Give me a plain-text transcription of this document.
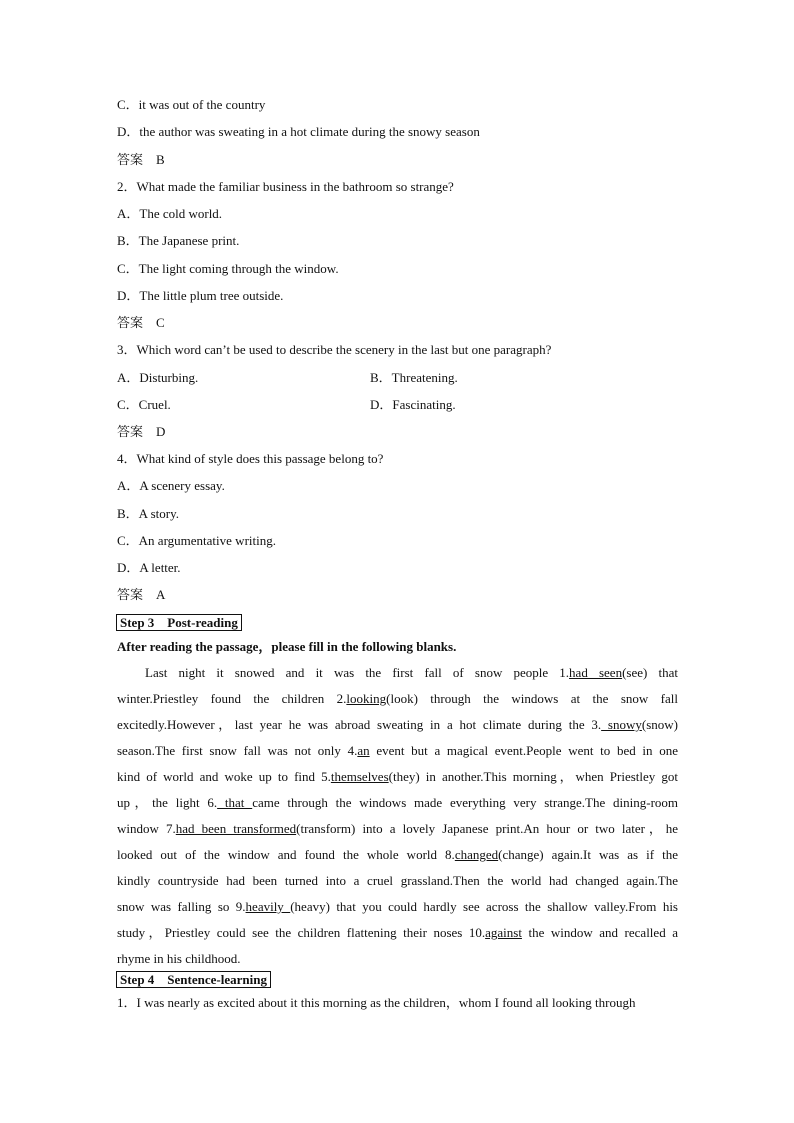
C．it was out of the country
D．the author was sweating in a hot climate during the snowy season
答案　B
2．What made the familiar business in the bathroom so strange?
A．The cold world.
B．The Japanese print.
C．The light coming through the window.
D．The little plum tree outside.
答案　C
3．Which word can’t be used to describe the scenery in the last but one paragraph?
A．Disturbing.	B．Threatening.
C．Cruel.	D．Fascinating.
答案　D
4．What kind of style does this passage belong to?
A．A scenery essay.
B．A story.
C．An argumentative writing.
D．A letter.
答案　A
Step 3　Post-reading
After reading the passage，please fill in the following blanks.
Last night it snowed and it was the first fall of snow people 1.had seen(see) that
winter.Priestley found the children 2.looking(look) through the windows at the snow fall
excitedly.However，last year he was abroad sweating in a hot climate during the 3. snowy(snow)
season.The first snow fall was not only 4.an event but a magical event.People went to bed in one
kind of world and woke up to find 5.themselves(they) in another.This morning，when Priestley got
up，the light 6. that came through the windows made everything very strange.The dining-room
window 7.had been transformed(transform) into a lovely Japanese print.An hour or two later，he
looked out of the window and found the whole world 8.changed(change) again.It was as if the
kindly countryside had been turned into a cruel grassland.Then the world had changed again.The
snow was falling so 9.heavily (heavy) that you could hardly see across the shallow valley.From his
study，Priestley could see the children flattening their noses 10.against the window and recalled a
rhyme in his childhood.
Step 4　Sentence-learning
1．I was nearly as excited about it this morning as the children，whom I found all looking through
